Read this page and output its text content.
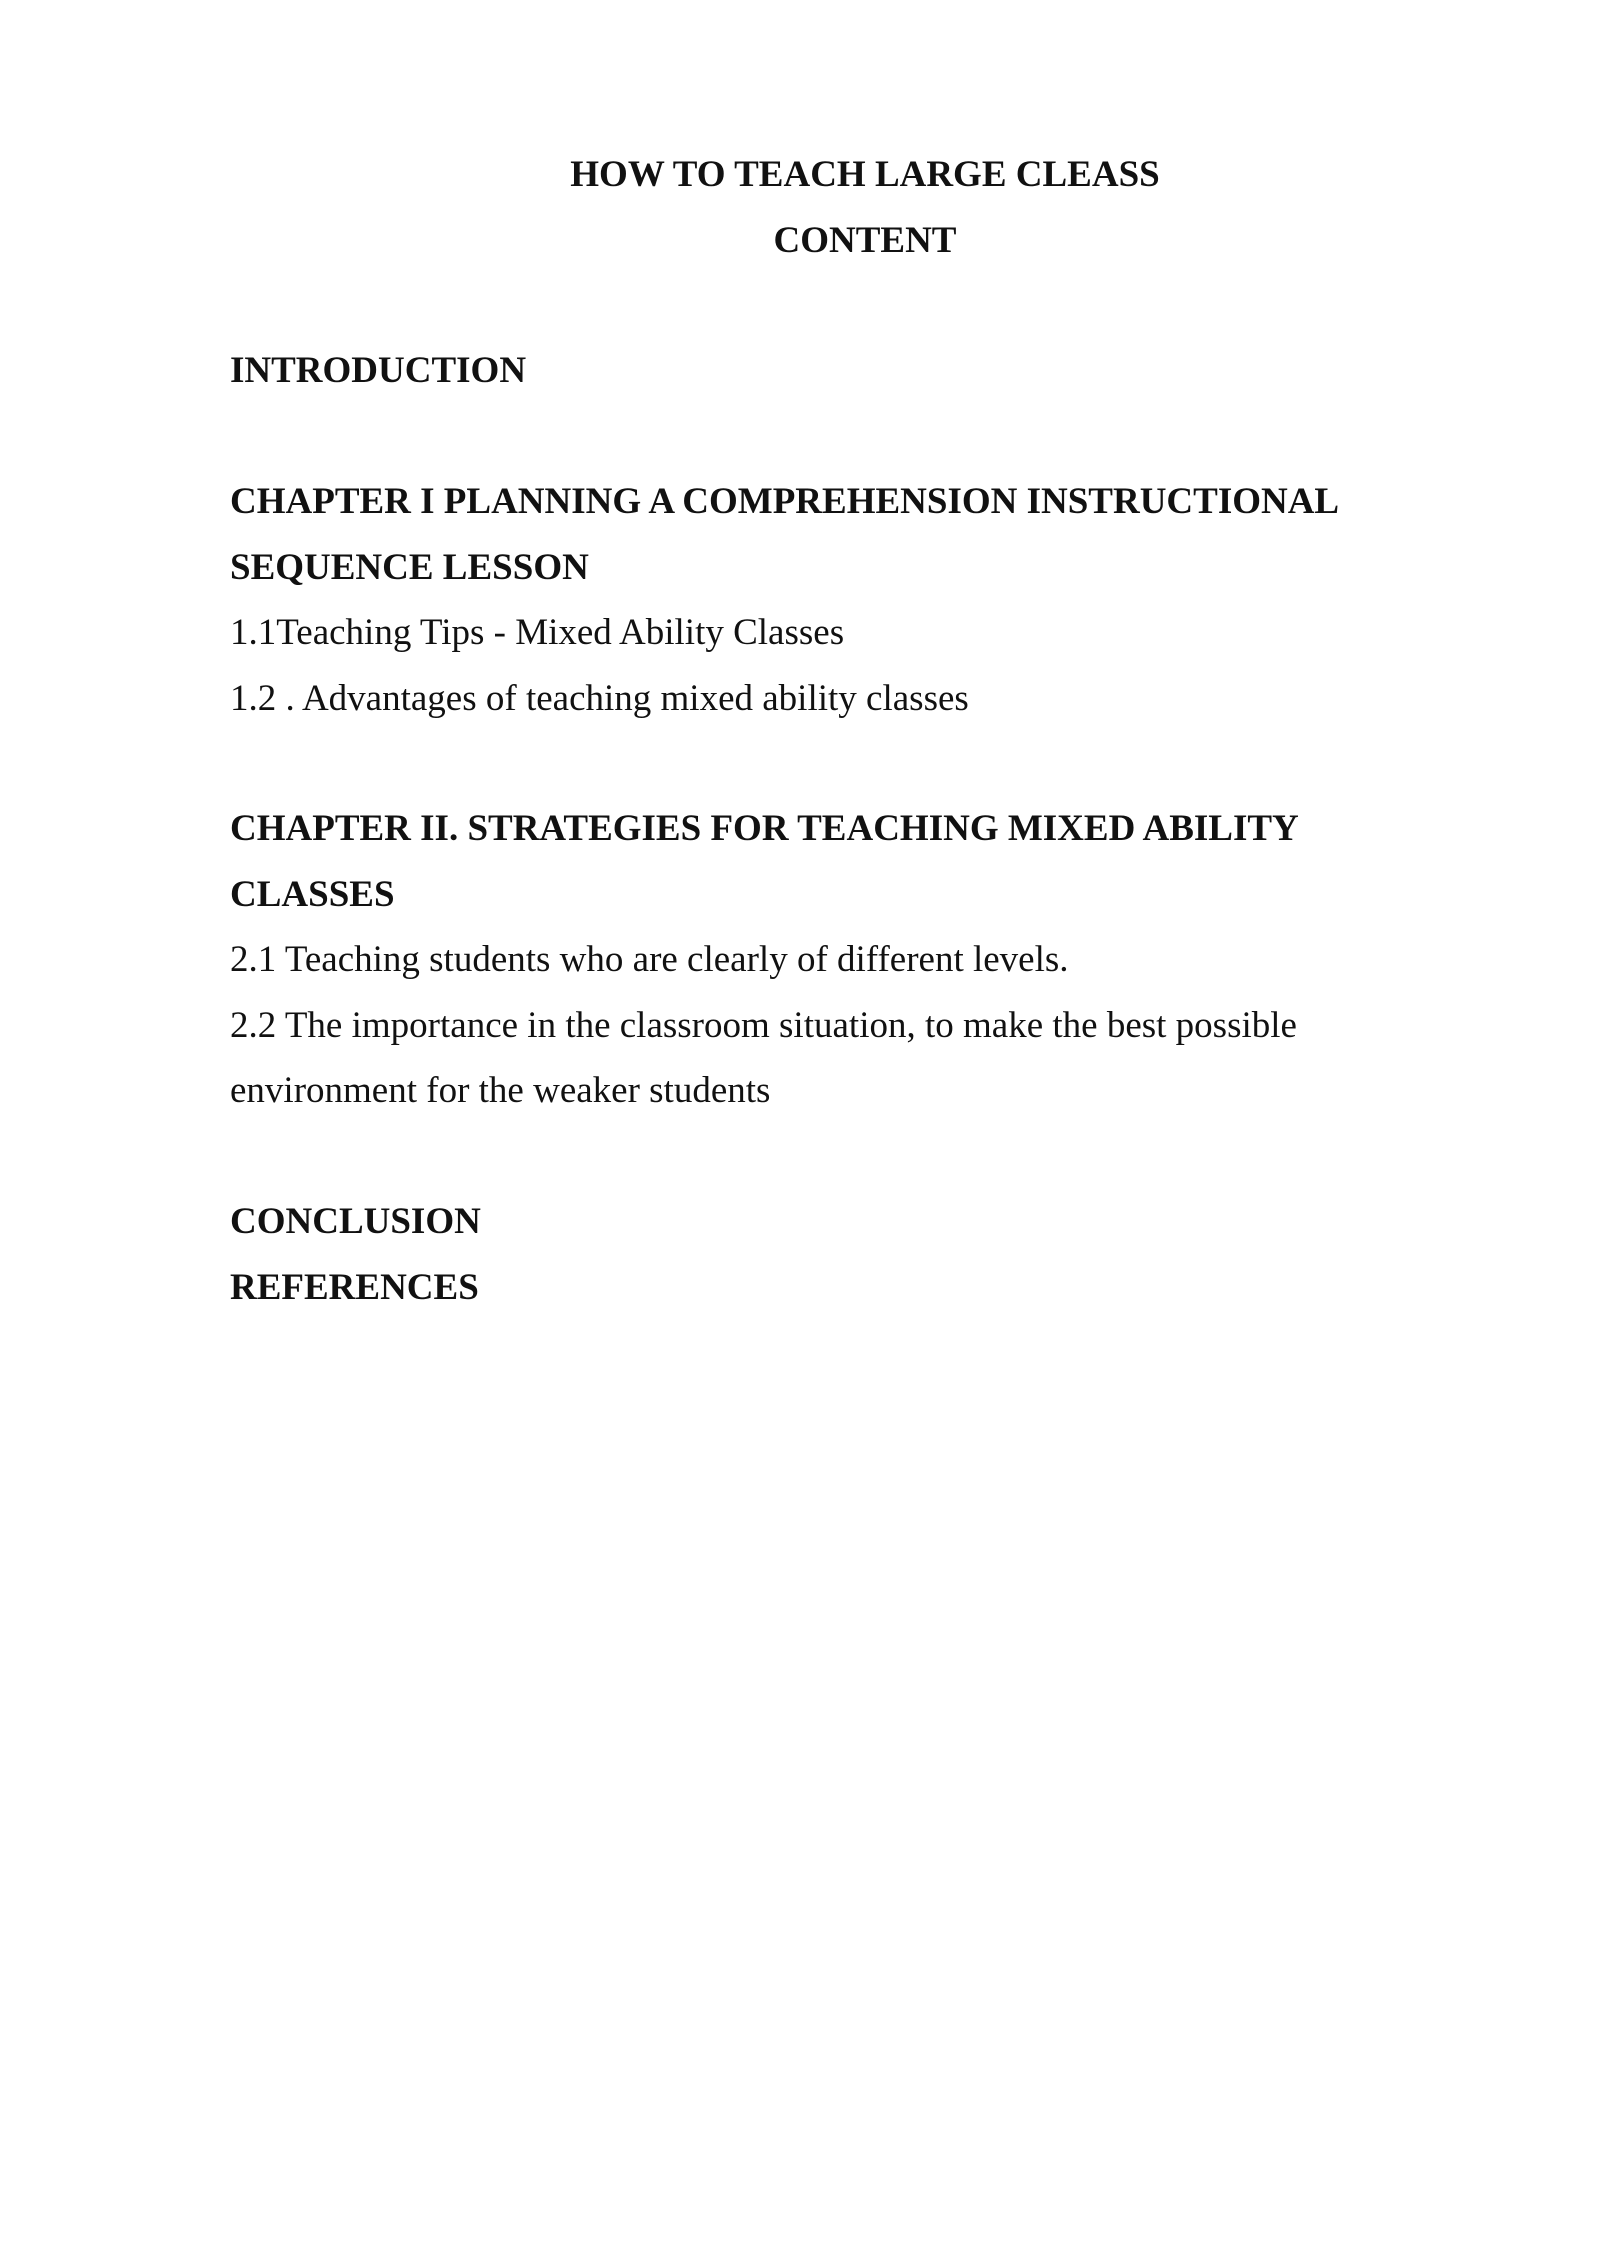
HOW TO TEACH LARGE CLEASS
CONTENT
INTRODUCTION
CHAPTER I PLANNING A COMPREHENSION INSTRUCTIONAL
SEQUENCE LESSON
1.1Teaching Tips - Mixed Ability Classes
1.2 . Advantages of teaching mixed ability classes
CHAPTER II. STRATEGIES FOR TEACHING MIXED ABILITY
CLASSES
2.1 Teaching students who are clearly of different levels.
2.2 The importance in the classroom situation, to make the best possible
environment for the weaker students
CONCLUSION
REFERENCES
